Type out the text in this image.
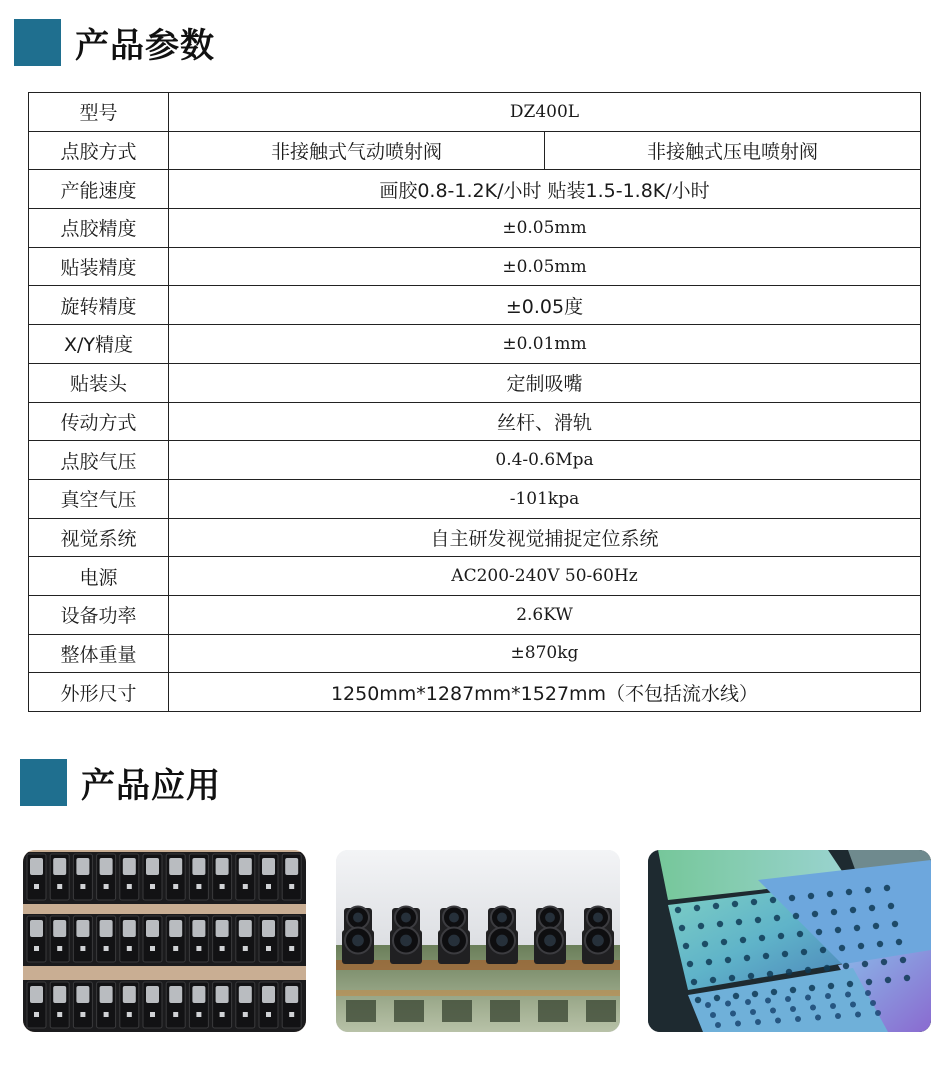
产品参数
型号	DZ400L	
点胶方式	非接触式气动喷射阀	非接触式压电喷射阀
产能速度	画胶0.8-1.2K/小时 贴装1.5-1.8K/小时	
点胶精度	±0.05mm	
贴装精度	±0.05mm	
旋转精度	±0.05度	
X/Y精度	±0.01mm	
贴装头	定制吸嘴	
传动方式	丝杆、滑轨	
点胶气压	0.4-0.6Mpa	
真空气压	-101kpa	
视觉系统	自主研发视觉捕捉定位系统	
电源	AC200-240V 50-60Hz	
设备功率	2.6KW	
整体重量	±870kg	
外形尺寸	1250mm*1287mm*1527mm（不包括流水线）	
产品应用
